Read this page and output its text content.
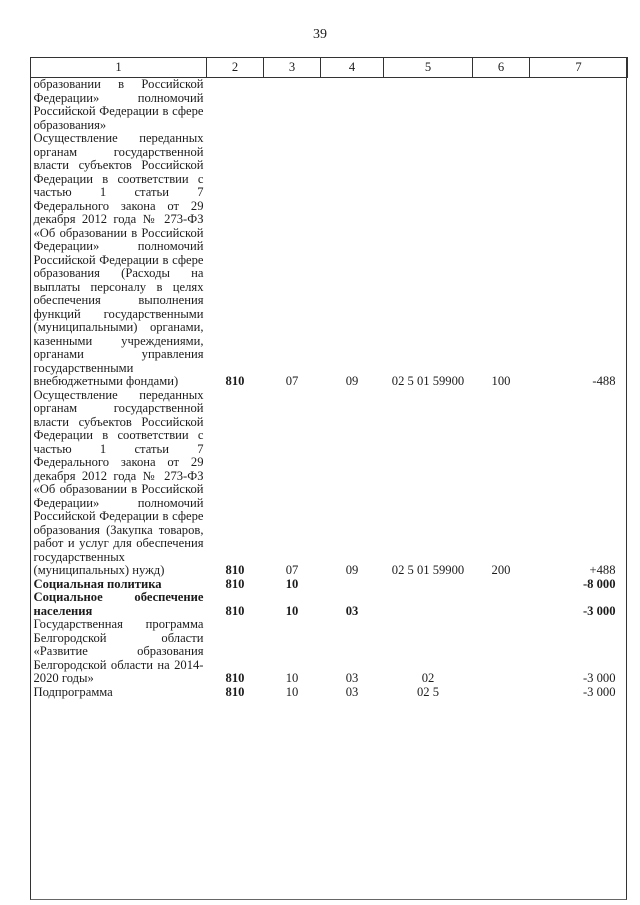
39
1	2	3	4	5	6	7
образовании в Российской Федерации» полномочий Российской Федерации в сфере образования»						
Осуществление переданных органам государственной власти субъектов Российской Федерации в соответствии с частью 1 статьи 7 Федерального закона от 29 декабря 2012 года № 273-ФЗ «Об образовании в Российской Федерации» полномочий Российской Федерации в сфере образования (Расходы на выплаты персоналу в целях обеспечения выполнения функций государственными (муниципальными) органами, казенными учреждениями, органами управления государственными внебюджетными фондами)	810	07	09	02 5 01 59900	100	-488
Осуществление переданных органам государственной власти субъектов Российской Федерации в соответствии с частью 1 статьи 7 Федерального закона от 29 декабря 2012 года № 273-ФЗ «Об образовании в Российской Федерации» полномочий Российской Федерации в сфере образования (Закупка товаров, работ и услуг для обеспечения государственных (муниципальных) нужд)	810	07	09	02 5 01 59900	200	+488
Социальная политика	810	10				-8 000
Социальное обеспечение населения	810	10	03			-3 000
Государственная программа Белгородской области «Развитие образования Белгородской области на 2014-2020 годы»	810	10	03	02		-3 000
Подпрограмма	810	10	03	02 5		-3 000
